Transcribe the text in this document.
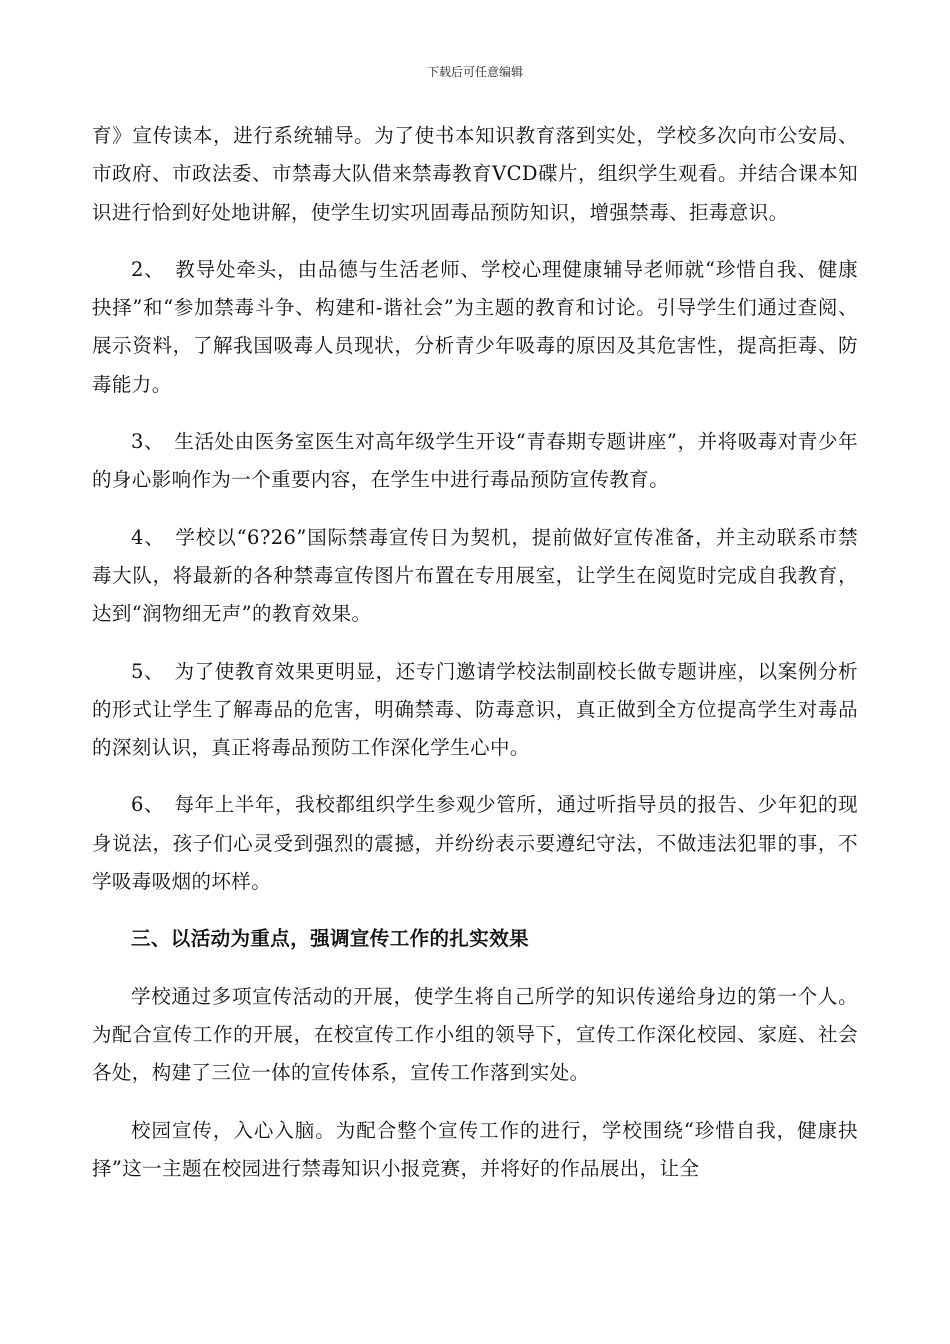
下载后可任意编辑

育》宣传读本，进行系统辅导。为了使书本知识教育落到实处，学校多次向市公安局、市政府、市政法委、市禁毒大队借来禁毒教育VCD碟片，组织学生观看。并结合课本知识进行恰到好处地讲解，使学生切实巩固毒品预防知识，增强禁毒、拒毒意识。

2、　教导处牵头，由品德与生活老师、学校心理健康辅导老师就“珍惜自我、健康抉择”和“参加禁毒斗争、构建和-谐社会”为主题的教育和讨论。引导学生们通过查阅、展示资料，了解我国吸毒人员现状，分析青少年吸毒的原因及其危害性，提高拒毒、防毒能力。

3、　生活处由医务室医生对高年级学生开设“青春期专题讲座”，并将吸毒对青少年的身心影响作为一个重要内容，在学生中进行毒品预防宣传教育。

4、　学校以“6?26”国际禁毒宣传日为契机，提前做好宣传准备，并主动联系市禁毒大队，将最新的各种禁毒宣传图片布置在专用展室，让学生在阅览时完成自我教育，达到“润物细无声”的教育效果。

5、　为了使教育效果更明显，还专门邀请学校法制副校长做专题讲座，以案例分析的形式让学生了解毒品的危害，明确禁毒、防毒意识，真正做到全方位提高学生对毒品的深刻认识，真正将毒品预防工作深化学生心中。

6、　每年上半年，我校都组织学生参观少管所，通过听指导员的报告、少年犯的现身说法，孩子们心灵受到强烈的震撼，并纷纷表示要遵纪守法，不做违法犯罪的事，不学吸毒吸烟的坏样。

三、以活动为重点，强调宣传工作的扎实效果

学校通过多项宣传活动的开展，使学生将自己所学的知识传递给身边的第一个人。为配合宣传工作的开展，在校宣传工作小组的领导下，宣传工作深化校园、家庭、社会各处，构建了三位一体的宣传体系，宣传工作落到实处。

校园宣传，入心入脑。为配合整个宣传工作的进行，学校围绕“珍惜自我，健康抉择”这一主题在校园进行禁毒知识小报竞赛，并将好的作品展出，让全
